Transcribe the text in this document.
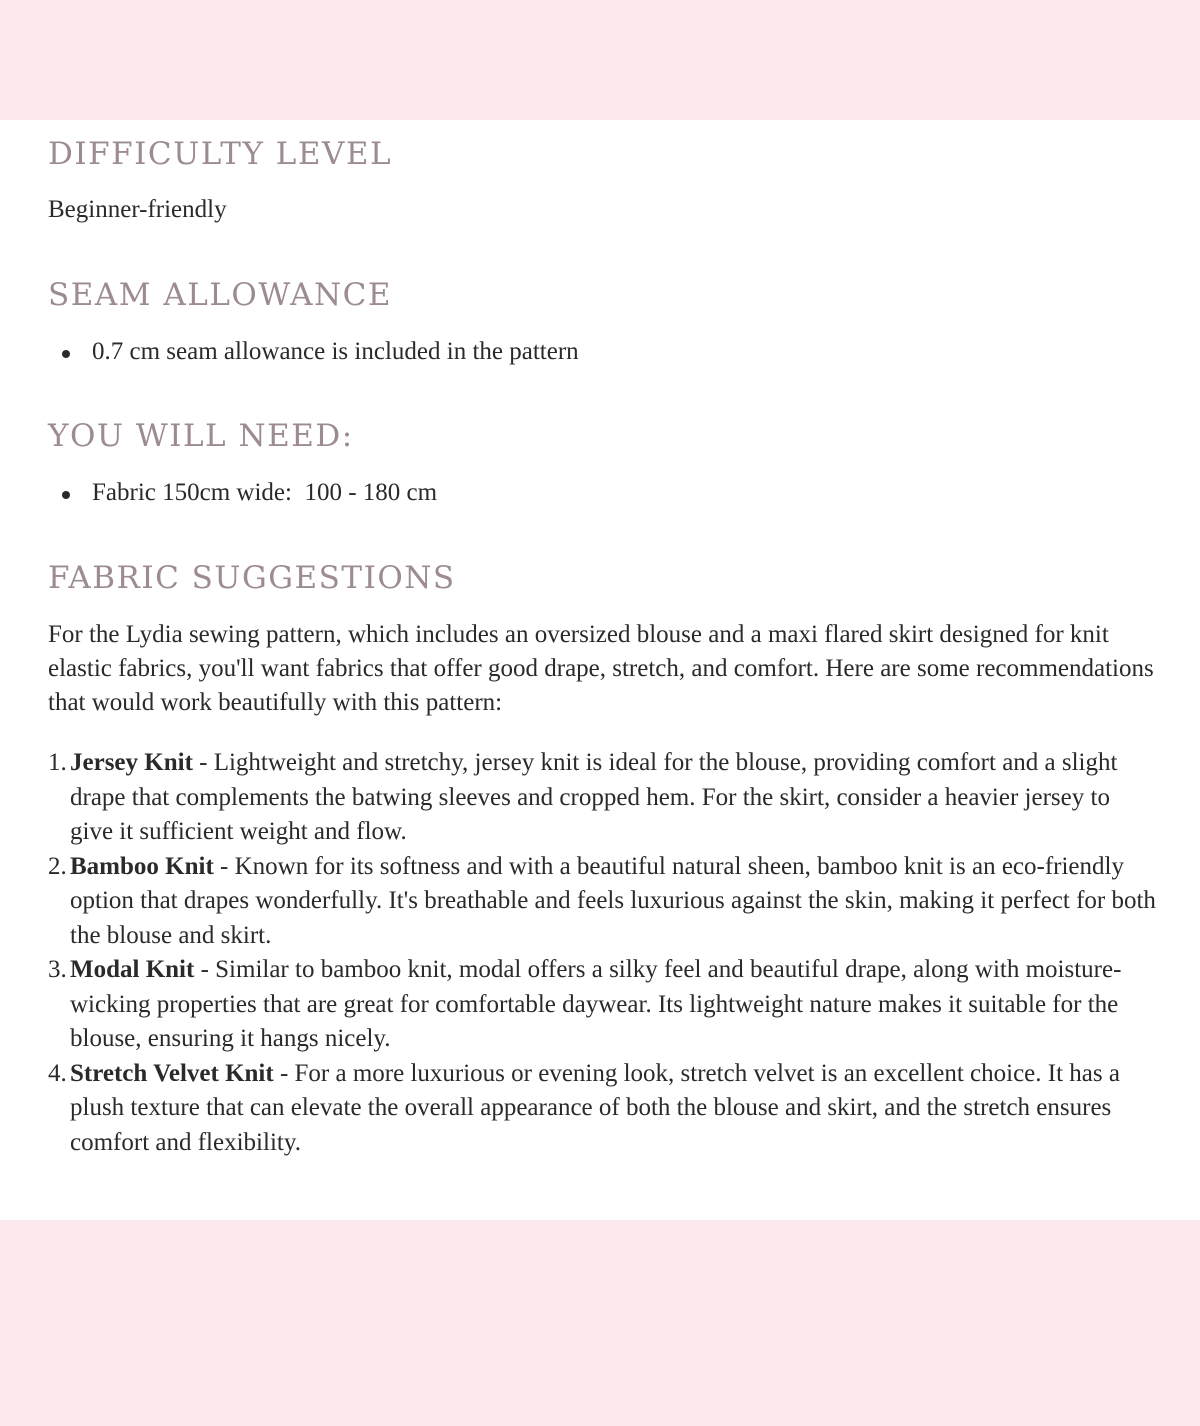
DIFFICULTY LEVEL

Beginner-friendly

SEAM ALLOWANCE
0.7 cm seam allowance is included in the pattern
YOU WILL NEED:
Fabric 150cm wide:  100 - 180 cm
FABRIC SUGGESTIONS

For the Lydia sewing pattern, which includes an oversized blouse and a maxi flared skirt designed for knit elastic fabrics, you'll want fabrics that offer good drape, stretch, and comfort. Here are some recommendations that would work beautifully with this pattern:

1. Jersey Knit - Lightweight and stretchy, jersey knit is ideal for the blouse, providing comfort and a slight drape that complements the batwing sleeves and cropped hem. For the skirt, consider a heavier jersey to give it sufficient weight and flow.
2. Bamboo Knit - Known for its softness and with a beautiful natural sheen, bamboo knit is an eco-friendly option that drapes wonderfully. It's breathable and feels luxurious against the skin, making it perfect for both the blouse and skirt.
3. Modal Knit - Similar to bamboo knit, modal offers a silky feel and beautiful drape, along with moisture-wicking properties that are great for comfortable daywear. Its lightweight nature makes it suitable for the blouse, ensuring it hangs nicely.
4. Stretch Velvet Knit - For a more luxurious or evening look, stretch velvet is an excellent choice. It has a plush texture that can elevate the overall appearance of both the blouse and skirt, and the stretch ensures comfort and flexibility.
